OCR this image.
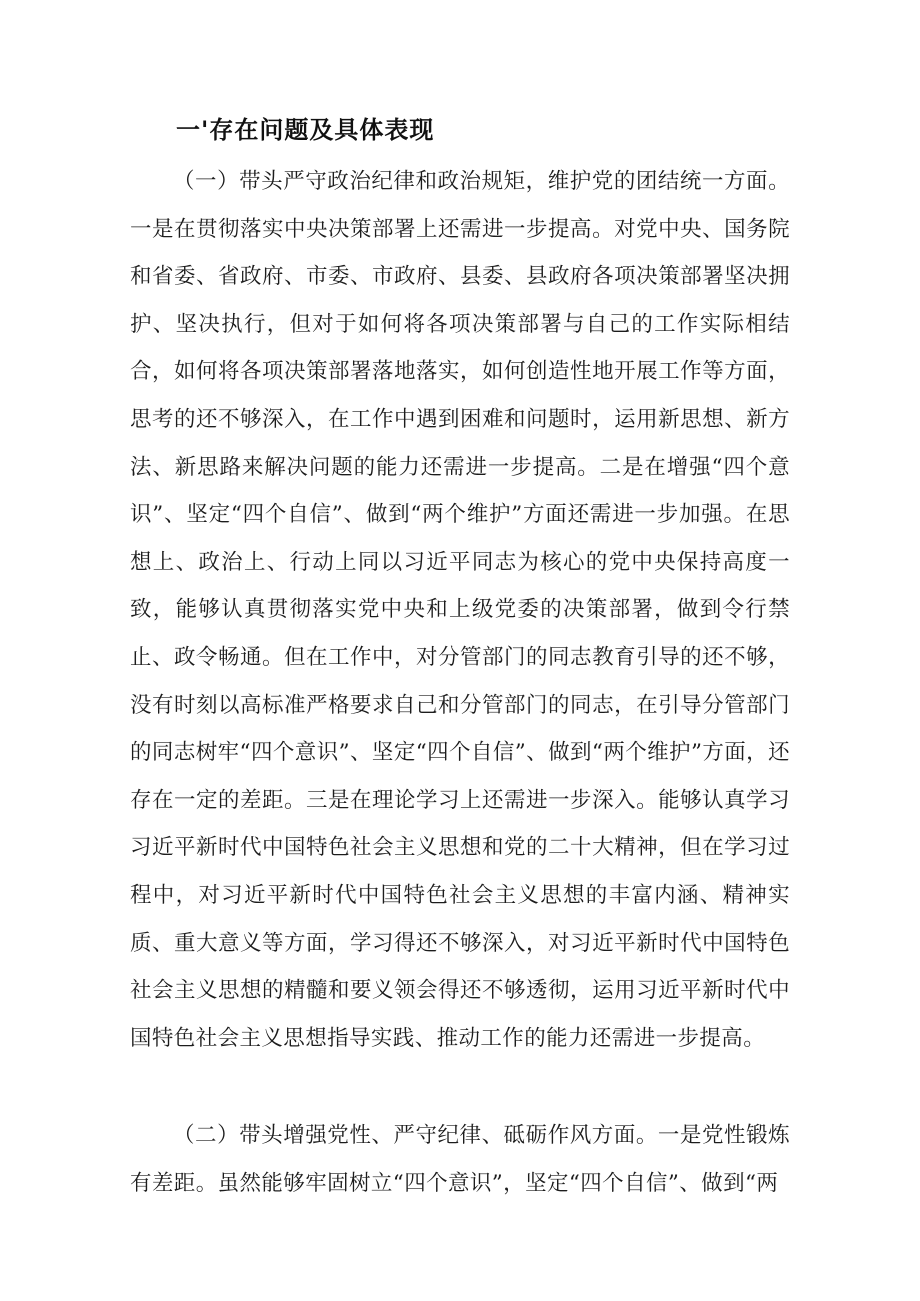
一'存在问题及具体表现

（一）带头严守政治纪律和政治规矩，维护党的团结统一方面。一是在贯彻落实中央决策部署上还需进一步提高。对党中央、国务院和省委、省政府、市委、市政府、县委、县政府各项决策部署坚决拥护、坚决执行，但对于如何将各项决策部署与自己的工作实际相结合，如何将各项决策部署落地落实，如何创造性地开展工作等方面，思考的还不够深入，在工作中遇到困难和问题时，运用新思想、新方法、新思路来解决问题的能力还需进一步提高。二是在增强“四个意识”、坚定“四个自信”、做到“两个维护”方面还需进一步加强。在思想上、政治上、行动上同以习近平同志为核心的党中央保持高度一致，能够认真贯彻落实党中央和上级党委的决策部署，做到令行禁止、政令畅通。但在工作中，对分管部门的同志教育引导的还不够，没有时刻以高标准严格要求自己和分管部门的同志，在引导分管部门的同志树牢“四个意识”、坚定“四个自信”、做到“两个维护”方面，还存在一定的差距。三是在理论学习上还需进一步深入。能够认真学习习近平新时代中国特色社会主义思想和党的二十大精神，但在学习过程中，对习近平新时代中国特色社会主义思想的丰富内涵、精神实质、重大意义等方面，学习得还不够深入，对习近平新时代中国特色社会主义思想的精髓和要义领会得还不够透彻，运用习近平新时代中国特色社会主义思想指导实践、推动工作的能力还需进一步提高。

（二）带头增强党性、严守纪律、砥砺作风方面。一是党性锻炼有差距。虽然能够牢固树立“四个意识”，坚定“四个自信”、做到“两
